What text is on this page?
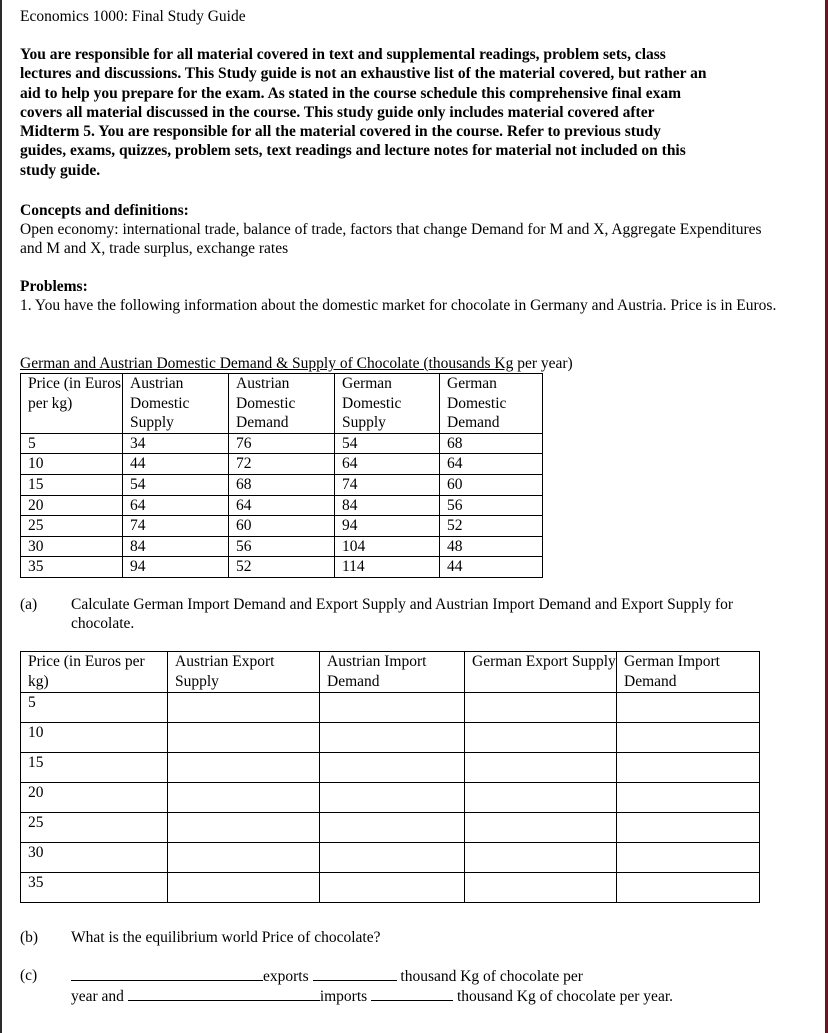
Economics 1000: Final Study Guide
You are responsible for all material covered in text and supplemental readings, problem sets, class
lectures and discussions. This Study guide is not an exhaustive list of the material covered, but rather an
aid to help you prepare for the exam. As stated in the course schedule this comprehensive final exam
covers all material discussed in the course. This study guide only includes material covered after
Midterm 5. You are responsible for all the material covered in the course. Refer to previous study
guides, exams, quizzes, problem sets, text readings and lecture notes for material not included on this
study guide.
Concepts and definitions:
Open economy: international trade, balance of trade, factors that change Demand for M and X, Aggregate Expenditures and M and X, trade surplus, exchange rates
Problems:
1. You have the following information about the domestic market for chocolate in Germany and Austria. Price is in Euros.
German and Austrian Domestic Demand & Supply of Chocolate (thousands Kg per year)
Price (in Euros per kg)	Austrian Domestic Supply	Austrian Domestic Demand	German Domestic Supply	German Domestic Demand
5	34	76	54	68
10	44	72	64	64
15	54	68	74	60
20	64	64	84	56
25	74	60	94	52
30	84	56	104	48
35	94	52	114	44
(a) Calculate German Import Demand and Export Supply and Austrian Import Demand and Export Supply for chocolate.
Price (in Euros per kg)	Austrian Export Supply	Austrian Import Demand	German Export Supply	German Import Demand
5				
10				
15				
20				
25				
30				
35				
(b) What is the equilibrium world Price of chocolate?
(c)	exports	thousand Kg of chocolate per
year and	imports	thousand Kg of chocolate per year.
